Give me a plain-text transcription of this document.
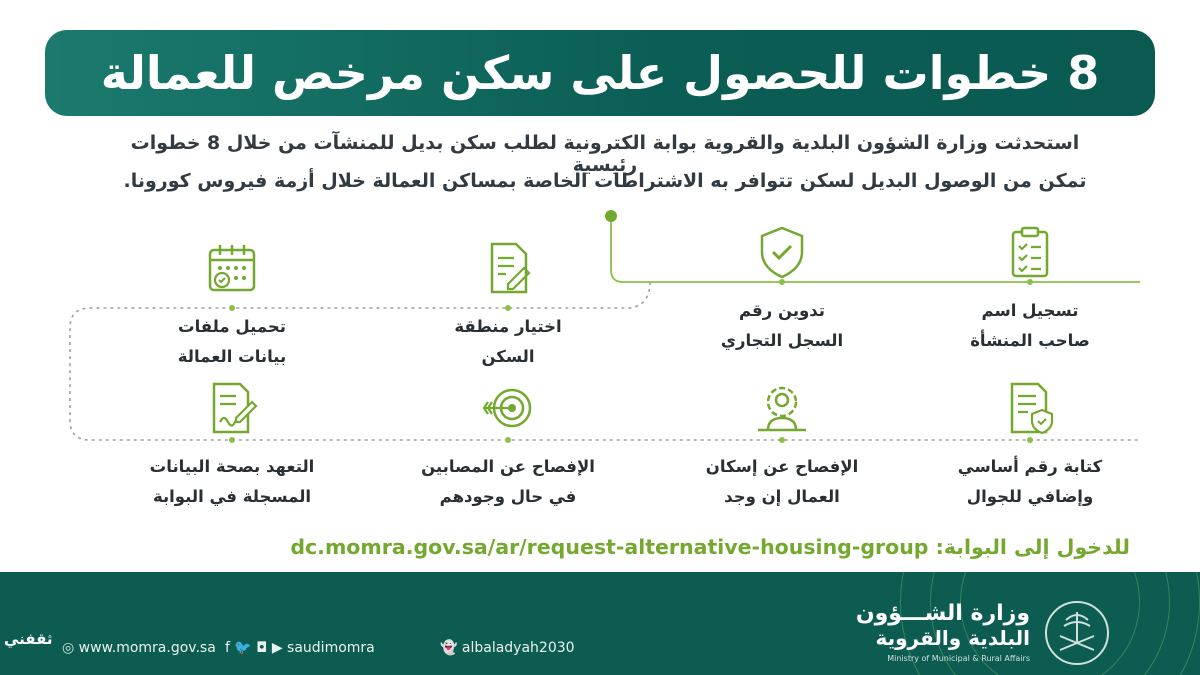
8 خطوات للحصول على سكن مرخص للعمالة
استحدثت وزارة الشؤون البلدية والقروية بوابة الكترونية لطلب سكن بديل للمنشآت من خلال 8 خطوات رئيسية
تمكن من الوصول البديل لسكن تتوافر به الاشتراطات الخاصة بمساكن العمالة خلال أزمة فيروس كورونا.
تسجيل اسم
صاحب المنشأة
تدوين رقم
السجل التجاري
اختيار منطقة
السكن
تحميل ملفات
بيانات العمالة
كتابة رقم أساسي
وإضافي للجوال
الإفصاح عن إسكان
العمال إن وجد
الإفصاح عن المصابين
في حال وجودهم
التعهد بصحة البيانات
المسجلة في البوابة
للدخول إلى البوابة: dc.momra.gov.sa/ar/request-alternative-housing-group
ثقفني ◎ www.momra.gov.sa f 🐦 ◘ ▶ saudimomra	👻 albaladyah2030
وزارة الشـــؤون
البلدية والقروية
Ministry of Municipal & Rural Affairs
